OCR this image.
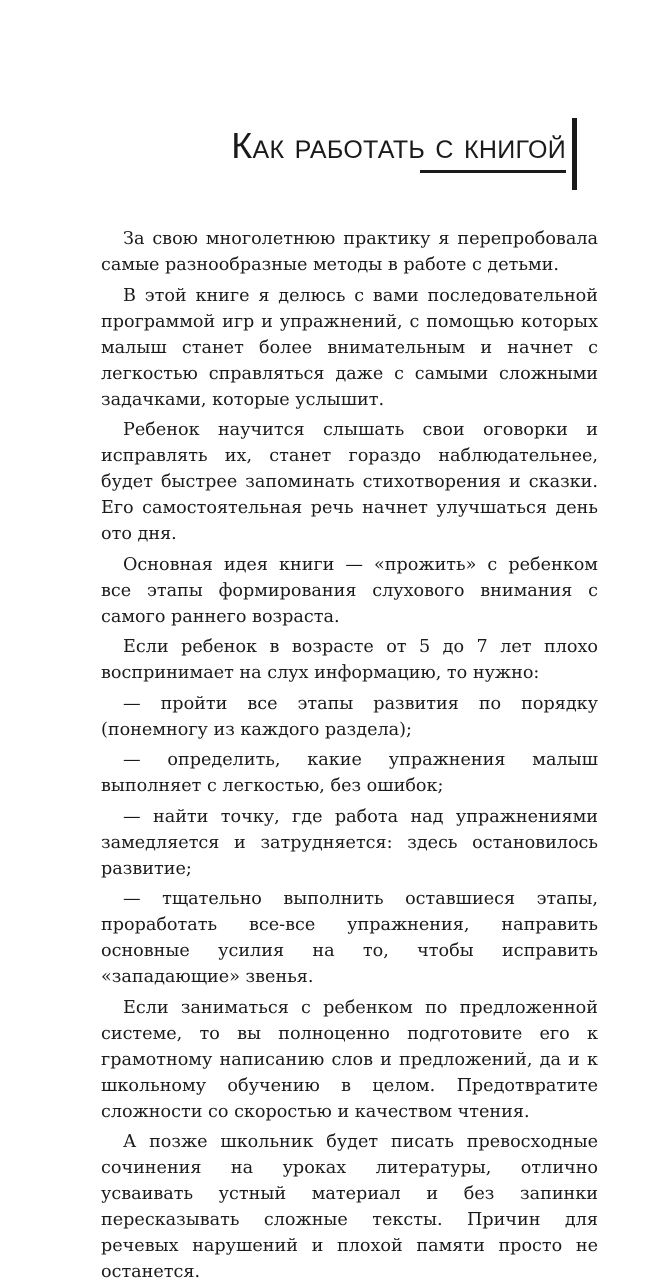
Как работать с книгой

За свою многолетнюю практику я перепробовала самые разнообразные методы в работе с детьми.

В этой книге я делюсь с вами последовательной программой игр и упражнений, с помощью которых малыш станет более внимательным и начнет с легкостью справляться даже с самыми сложными задачками, которые услышит.

Ребенок научится слышать свои оговорки и исправлять их, станет гораздо наблюдательнее, будет быстрее запоминать стихотворения и сказки. Его самостоятельная речь начнет улучшаться день ото дня.

Основная идея книги — «прожить» с ребенком все этапы формирования слухового внимания с самого раннего возраста.

Если ребенок в возрасте от 5 до 7 лет плохо воспринимает на слух информацию, то нужно:

— пройти все этапы развития по порядку (понемногу из каждого раздела);

— определить, какие упражнения малыш выполняет с легкостью, без ошибок;

— найти точку, где работа над упражнениями замедляется и затрудняется: здесь остановилось развитие;

— тщательно выполнить оставшиеся этапы, проработать все-все упражнения, направить основные усилия на то, чтобы исправить «западающие» звенья.

Если заниматься с ребенком по предложенной системе, то вы полноценно подготовите его к грамотному написанию слов и предложений, да и к школьному обучению в целом. Предотвратите сложности со скоростью и качеством чтения.

А позже школьник будет писать превосходные сочинения на уроках литературы, отлично усваивать устный материал и без запинки пересказывать сложные тексты. Причин для речевых нарушений и плохой памяти просто не останется.
